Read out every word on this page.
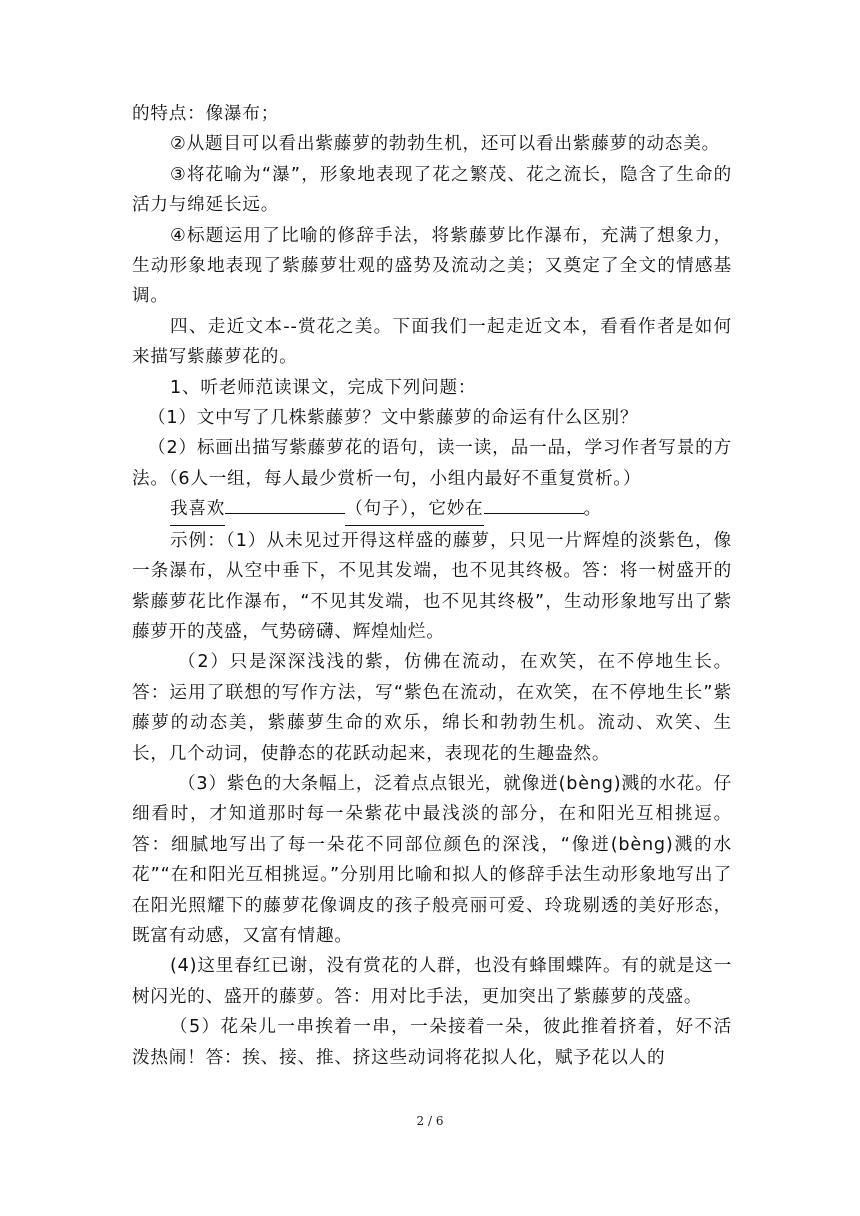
的特点：像瀑布；

②从题目可以看出紫藤萝的勃勃生机，还可以看出紫藤萝的动态美。

③将花喻为“瀑”，形象地表现了花之繁茂、花之流长，隐含了生命的活力与绵延长远。

④标题运用了比喻的修辞手法，将紫藤萝比作瀑布，充满了想象力，生动形象地表现了紫藤萝壮观的盛势及流动之美；又奠定了全文的情感基调。

四、走近文本--赏花之美。下面我们一起走近文本，看看作者是如何来描写紫藤萝花的。

1、听老师范读课文，完成下列问题：

（1）文中写了几株紫藤萝？文中紫藤萝的命运有什么区别？

（2）标画出描写紫藤萝花的语句，读一读，品一品，学习作者写景的方法。（6人一组，每人最少赏析一句，小组内最好不重复赏析。）

我喜欢	（句子），它妙在	。

示例：（1）从未见过开得这样盛的藤萝，只见一片辉煌的淡紫色，像一条瀑布，从空中垂下，不见其发端，也不见其终极。答：将一树盛开的紫藤萝花比作瀑布，“不见其发端，也不见其终极”，生动形象地写出了紫藤萝开的茂盛，气势磅礴、辉煌灿烂。

（2）只是深深浅浅的紫，仿佛在流动，在欢笑，在不停地生长。答：运用了联想的写作方法，写“紫色在流动，在欢笑，在不停地生长”紫藤萝的动态美，紫藤萝生命的欢乐，绵长和勃勃生机。流动、欢笑、生长，几个动词，使静态的花跃动起来，表现花的生趣盎然。

（3）紫色的大条幅上，泛着点点银光，就像迸(bèng)溅的水花。仔细看时，才知道那时每一朵紫花中最浅淡的部分，在和阳光互相挑逗。答：细腻地写出了每一朵花不同部位颜色的深浅，“像迸(bèng)溅的水花”“在和阳光互相挑逗。”分别用比喻和拟人的修辞手法生动形象地写出了在阳光照耀下的藤萝花像调皮的孩子般亮丽可爱、玲珑剔透的美好形态，既富有动感，又富有情趣。

(4)这里春红已谢，没有赏花的人群，也没有蜂围蝶阵。有的就是这一树闪光的、盛开的藤萝。答：用对比手法，更加突出了紫藤萝的茂盛。

（5）花朵儿一串挨着一串，一朵接着一朵，彼此推着挤着，好不活泼热闹！答：挨、接、推、挤这些动词将花拟人化，赋予花以人的

2 / 6
